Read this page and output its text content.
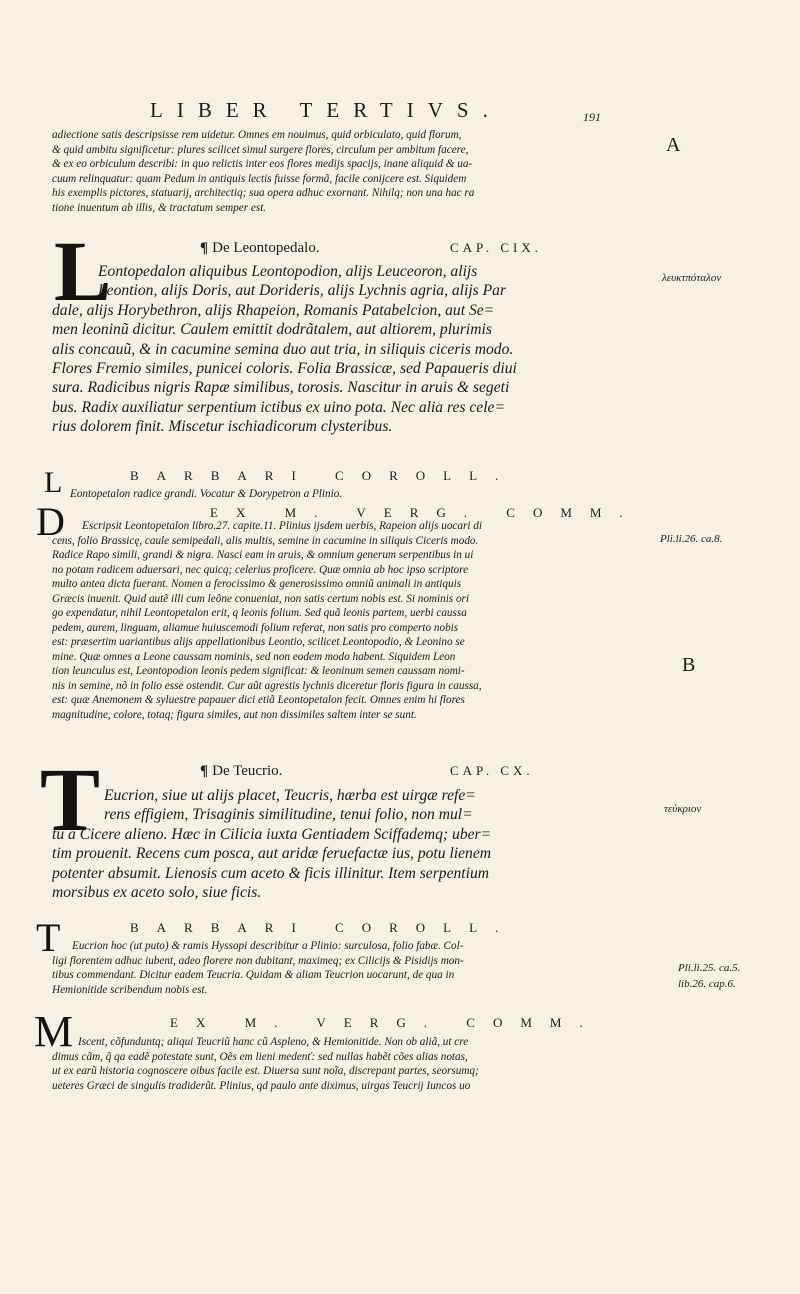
LIBER TERTIVS.	191
adiectione satis descripsisse rem uidetur. Omnes em nouimus, quid orbiculato, quid florum,
& quid ambitu significetur: plures scilicet simul surgere flores, circulum per ambitum facere,
& ex eo orbiculum describi: in quo relictis inter eos flores medijs spacijs, inane aliquid & ua-
cuum relinquatur: quam Pedum in antiquis lectis fuisse formã, facile conijcere est. Siquidem
his exemplis pictores, statuarij, architectiq; sua opera adhuc exornant. Nihilq; non una hac ra
tione inuentum ab illis, & tractatum semper est.
L	¶ De Leontopedalo.	CAP. CIX.
Eontopedalon aliquibus Leontopodion, alijs Leuceoron, alijs
Leontion, alijs Doris, aut Dorideris, alijs Lychnis agria, alijs Par
dale, alijs Horybethron, alijs Rhapeion, Romanis Patabelcion, aut Se=
men leoninũ dicitur. Caulem emittit dodrãtalem, aut altiorem, plurimis
alis concauũ, & in cacumine semina duo aut tria, in siliquis ciceris modo.
Flores Fremio similes, punicei coloris. Folia Brassicæ, sed Papaueris diui
sura. Radicibus nigris Rapæ similibus, torosis. Nascitur in aruis & segeti
bus. Radix auxiliatur serpentium ictibus ex uino pota. Nec alia res cele=
rius dolorem finit. Miscetur ischiadicorum clysteribus.
L	BARBARI COROLL.
Eontopetalon radice grandi. Vocatur & Dorypetron a Plinio.
D	EX M. VERG. COMM.
Escripsit Leontopetalon libro.27. capite.11. Plinius ijsdem uerbis, Rapeion alijs uocari di
cens, folio Brassicę, caule semipedali, alis multis, semine in cacumine in siliquis Ciceris modo.
Radice Rapo simili, grandi & nigra. Nasci eam in aruis, & omnium generum serpentibus in ui
no potam radicem aduersari, nec quicq; celerius proficere. Quæ omnia ab hoc ipso scriptore
multo antea dicta fuerant. Nomen a ferocissimo & generosissimo omniũ animali in antiquis
Græcis inuenit. Quid autẽ illi cum leõne conueniat, non satis certum nobis est. Si nominis ori
go expendatur, nihil Leontopetalon erit, q leonis folium. Sed quã leonis partem, uerbi caussa
pedem, aurem, linguam, aliamue huiuscemodi folium referat, non satis pro comperto nobis
est: præsertim uariantibus alijs appellationibus Leontio, scilicet Leontopodio, & Leonino se
mine. Quæ omnes a Leone caussam nominis, sed non eodem modo habent. Siquidem Leon
tion leunculus est, Leontopodion leonis pedem significat: & leoninum semen caussam nomi-
nis in semine, nõ in folio esse ostendit. Cur aũt agrestis lychnis diceretur floris figura in caussa,
est: quæ Anemonem & syluestre papauer dici etiã Leontopetalon fecit. Omnes enim hi flores
magnitudine, colore, totaq; figura similes, aut non dissimiles saltem inter se sunt.
T	¶ De Teucrio.	CAP. CX.
Eucrion, siue ut alijs placet, Teucris, hærba est uirgæ refe=
rens effigiem, Trisaginis similitudine, tenui folio, non mul=
tũ a Cicere alieno. Hæc in Cilicia iuxta Gentiadem Sciffademq; uber=
tim prouenit. Recens cum posca, aut aridæ feruefactæ ius, potu lienem
potenter absumit. Lienosis cum aceto & ficis illinitur. Item serpentium
morsibus ex aceto solo, siue ficis.
T	BARBARI COROLL.
Eucrion hoc (ut puto) & ramis Hyssopi describitur a Plinio: surculosa, folio fabæ. Col-
ligi florentem adhuc iubent, adeo florere non dubitant, maximeq; ex Cilicijs & Pisidijs mon-
tibus commendant. Dicitur eadem Teucria. Quidam & aliam Teucrion uocarunt, de qua in
Hemionitide scribendum nobis est.
M	EX M. VERG. COMM.
Iscent, cõfunduntq; aliqui Teucriũ hanc cũ Aspleno, & Hemionitide. Non ob aliã, ut cre
dimus cãm, q̃ qa eadẽ potestate sunt, Oẽs em lieni medenť: sed nullas habẽt cões alias notas,
ut ex earũ historia cognoscere oibus facile est. Diuersa sunt noĩa, discrepant partes, seorsumq;
ueteres Græci de singulis tradiderũt. Plinius, qd paulo ante diximus, uirgas Teucrij Iuncos uo
A
λευκτπόταλον
Pli.li.26. ca.8.
B
τεύκριον
Pli.li.25. ca.5.
lib.26. cap.6.
